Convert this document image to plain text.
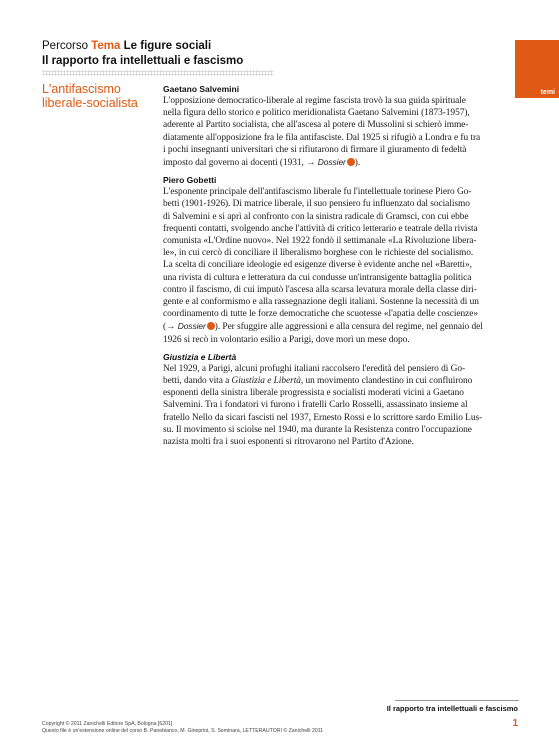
temi
Percorso Tema Le figure sociali
Il rapporto fra intellettuali e fascismo
L'antifascismo
liberale-socialista
Gaetano Salvemini

L'opposizione democratico-liberale al regime fascista trovò la sua guida spirituale
nella figura dello storico e politico meridionalista Gaetano Salvemini (1873-1957),
aderente al Partito socialista, che all'ascesa al potere di Mussolini si schierò imme-
diatamente all'opposizione fra le fila antifasciste. Dal 1925 si rifugiò a Londra e fu tra
i pochi insegnanti universitari che si rifiutarono di firmare il giuramento di fedeltà
imposto dal governo ai docenti (1931, → Dossier ).

Piero Gobetti

L'esponente principale dell'antifascismo liberale fu l'intellettuale torinese Piero Go-
betti (1901-1926). Di matrice liberale, il suo pensiero fu influenzato dal socialismo
di Salvemini e si aprì al confronto con la sinistra radicale di Gramsci, con cui ebbe
frequenti contatti, svolgendo anche l'attività di critico letterario e teatrale della rivista
comunista «L'Ordine nuovo». Nel 1922 fondò il settimanale «La Rivoluzione libera-
le», in cui cercò di conciliare il liberalismo borghese con le richieste del socialismo.
La scelta di conciliare ideologie ed esigenze diverse è evidente anche nel «Baretti»,
una rivista di cultura e letteratura da cui condusse un'intransigente battaglia politica
contro il fascismo, di cui imputò l'ascesa alla scarsa levatura morale della classe diri-
gente e al conformismo e alla rassegnazione degli italiani. Sostenne la necessità di un
coordinamento di tutte le forze democratiche che scuotesse «l'apatia delle coscienze»
(→ Dossier ). Per sfuggire alle aggressioni e alla censura del regime, nel gennaio del
1926 si recò in volontario esilio a Parigi, dove morì un mese dopo.

Giustizia e Libertà

Nel 1929, a Parigi, alcuni profughi italiani raccolsero l'eredità del pensiero di Go-
betti, dando vita a Giustizia e Libertà, un movimento clandestino in cui confluirono
esponenti della sinistra liberale progressista e socialisti moderati vicini a Gaetano
Salvemini. Tra i fondatori vi furono i fratelli Carlo Rosselli, assassinato insieme al
fratello Nello da sicari fascisti nel 1937, Ernesto Rossi e lo scrittore sardo Emilio Lus-
su. Il movimento si sciolse nel 1940, ma durante la Resistenza contro l'occupazione
nazista molti fra i suoi esponenti si ritrovarono nel Partito d'Azione.

Il rapporto tra intellettuali e fascismo
1
Copyright © 2011 Zanichelli Editore SpA, Bologna [6201]
Questo file è un'estensione online del corso B. Panebianco, M. Gineprini, S. Seminara, LETTERAUTORI © Zanichelli 2011
